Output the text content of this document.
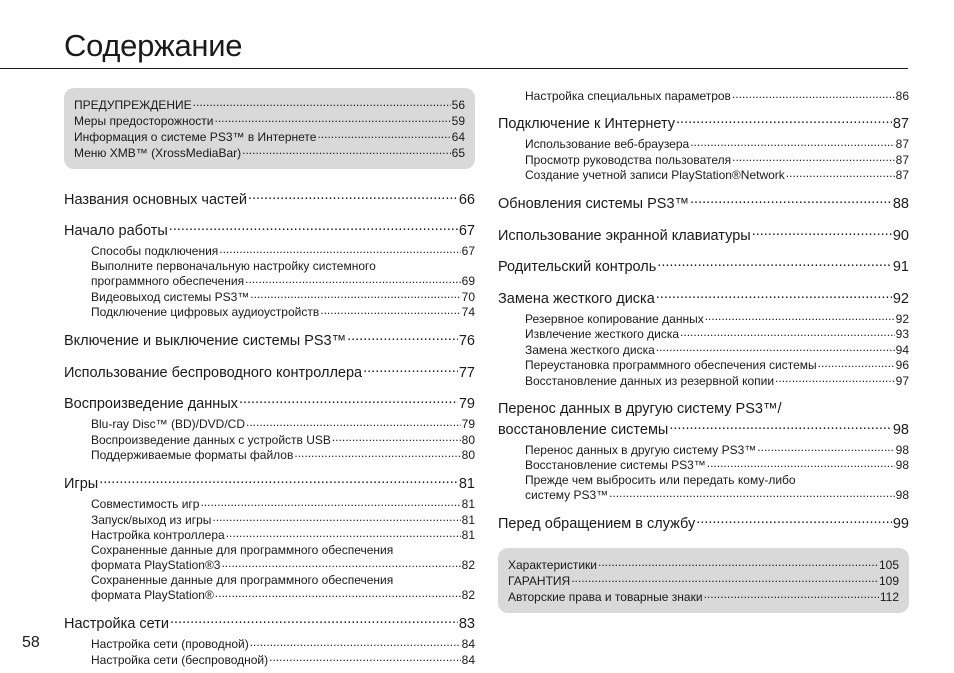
Содержание
ПРЕДУПРЕЖДЕНИЕ .....	56
Меры предосторожности .....	59
Информация о системе PS3™ в Интернете .....	64
Меню XMB™ (XrossMediaBar) .....	65
Названия основных частей .....	66
Начало работы .....	67
Способы подключения .....	67
Выполните первоначальную настройку системного
программного обеспечения .....	69
Видеовыход системы PS3™ .....	70
Подключение цифровых аудиоустройств .....	74
Включение и выключение системы PS3™ .....	76
Использование беспроводного контроллера .....	77
Воспроизведение данных .....	79
Blu-ray Disc™ (BD)/DVD/CD .....	79
Воспроизведение данных с устройств USB .....	80
Поддерживаемые форматы файлов .....	80
Игры .....	81
Совместимость игр .....	81
Запуск/выход из игры .....	81
Настройка контроллера .....	81
Сохраненные данные для программного обеспечения
формата PlayStation®3 .....	82
Сохраненные данные для программного обеспечения
формата PlayStation® .....	82
Настройка сети .....	83
Настройка сети (проводной) .....	84
Настройка сети (беспроводной) .....	84
Настройка специальных параметров .....	86
Подключение к Интернету .....	87
Использование веб-браузера .....	87
Просмотр руководства пользователя .....	87
Создание учетной записи PlayStation®Network .....	87
Обновления системы PS3™ .....	88
Использование экранной клавиатуры .....	90
Родительский контроль .....	91
Замена жесткого диска .....	92
Резервное копирование данных .....	92
Извлечение жесткого диска .....	93
Замена жесткого диска .....	94
Переустановка программного обеспечения системы .....	96
Восстановление данных из резервной копии .....	97
Перенос данных в другую систему PS3™/
восстановление системы .....	98
Перенос данных в другую систему PS3™ .....	98
Восстановление системы PS3™ .....	98
Прежде чем выбросить или передать кому-либо
систему PS3™ .....	98
Перед обращением в службу .....	99
Характеристики .....	105
ГАРАНТИЯ .....	109
Авторские права и товарные знаки .....	112
58
